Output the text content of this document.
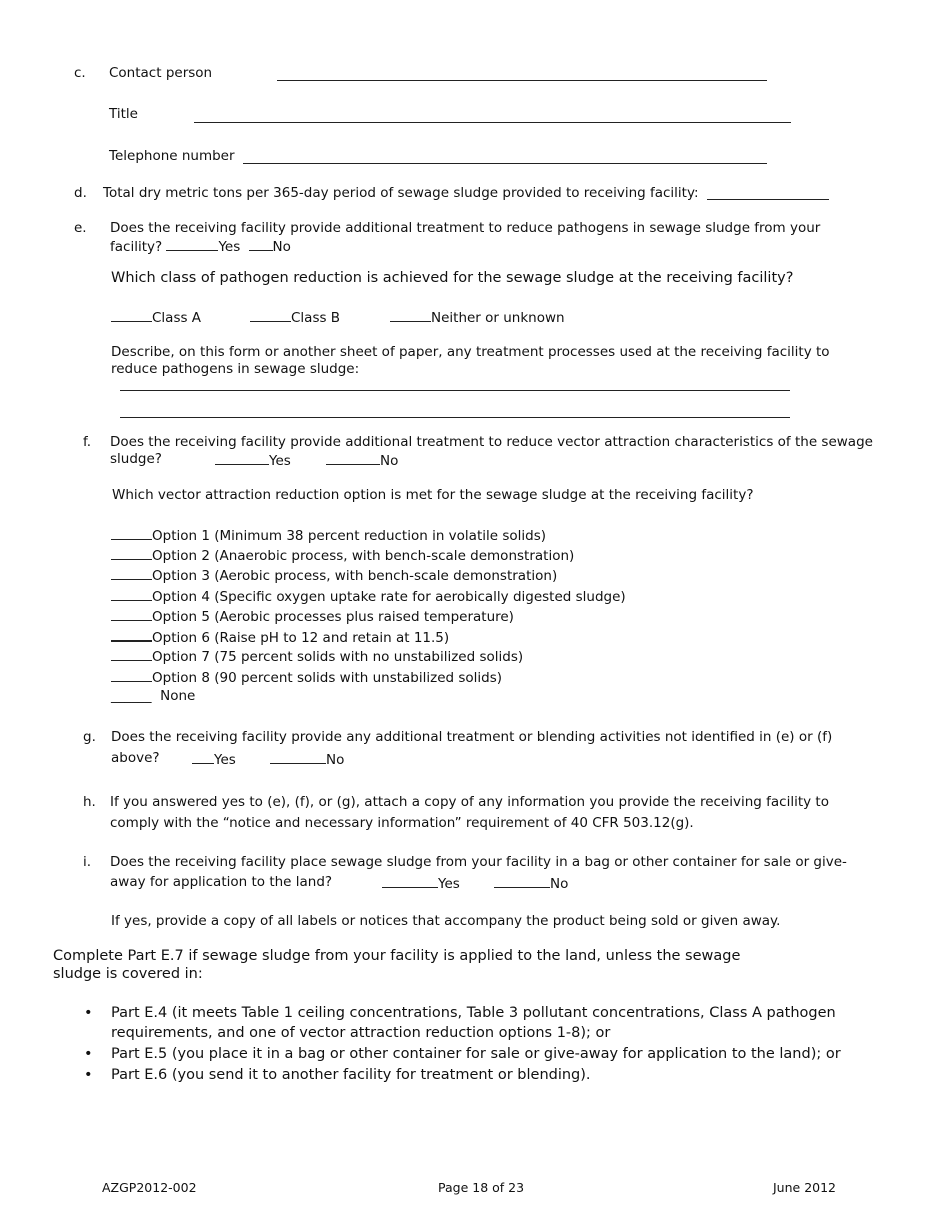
c. Contact person
Title
Telephone number
d. Total dry metric tons per 365-day period of sewage sludge provided to receiving facility:
e. Does the receiving facility provide additional treatment to reduce pathogens in sewage sludge from your
facility?	Yes No
Which class of pathogen reduction is achieved for the sewage sludge at the receiving facility?
Class A	Class B	Neither or unknown
Describe, on this form or another sheet of paper, any treatment processes used at the receiving facility to
reduce pathogens in sewage sludge:
f. Does the receiving facility provide additional treatment to reduce vector attraction characteristics of the sewage
sludge?	Yes	No
Which vector attraction reduction option is met for the sewage sludge at the receiving facility?
Option 1 (Minimum 38 percent reduction in volatile solids)
Option 2 (Anaerobic process, with bench-scale demonstration)
Option 3 (Aerobic process, with bench-scale demonstration)
Option 4 (Specific oxygen uptake rate for aerobically digested sludge)
Option 5 (Aerobic processes plus raised temperature)
Option 6 (Raise pH to 12 and retain at 11.5)
Option 7 (75 percent solids with no unstabilized solids)
Option 8 (90 percent solids with unstabilized solids)
______ None
g. Does the receiving facility provide any additional treatment or blending activities not identified in (e) or (f)
above?	Yes	No
h. If you answered yes to (e), (f), or (g), attach a copy of any information you provide the receiving facility to
comply with the “notice and necessary information” requirement of 40 CFR 503.12(g).
i. Does the receiving facility place sewage sludge from your facility in a bag or other container for sale or give-
away for application to the land?	Yes	No
If yes, provide a copy of all labels or notices that accompany the product being sold or given away.
Complete Part E.7 if sewage sludge from your facility is applied to the land, unless the sewage
sludge is covered in:
• Part E.4 (it meets Table 1 ceiling concentrations, Table 3 pollutant concentrations, Class A pathogen
requirements, and one of vector attraction reduction options 1-8); or
• Part E.5 (you place it in a bag or other container for sale or give-away for application to the land); or
• Part E.6 (you send it to another facility for treatment or blending).
AZGP2012-002	Page 18 of 23	June 2012
